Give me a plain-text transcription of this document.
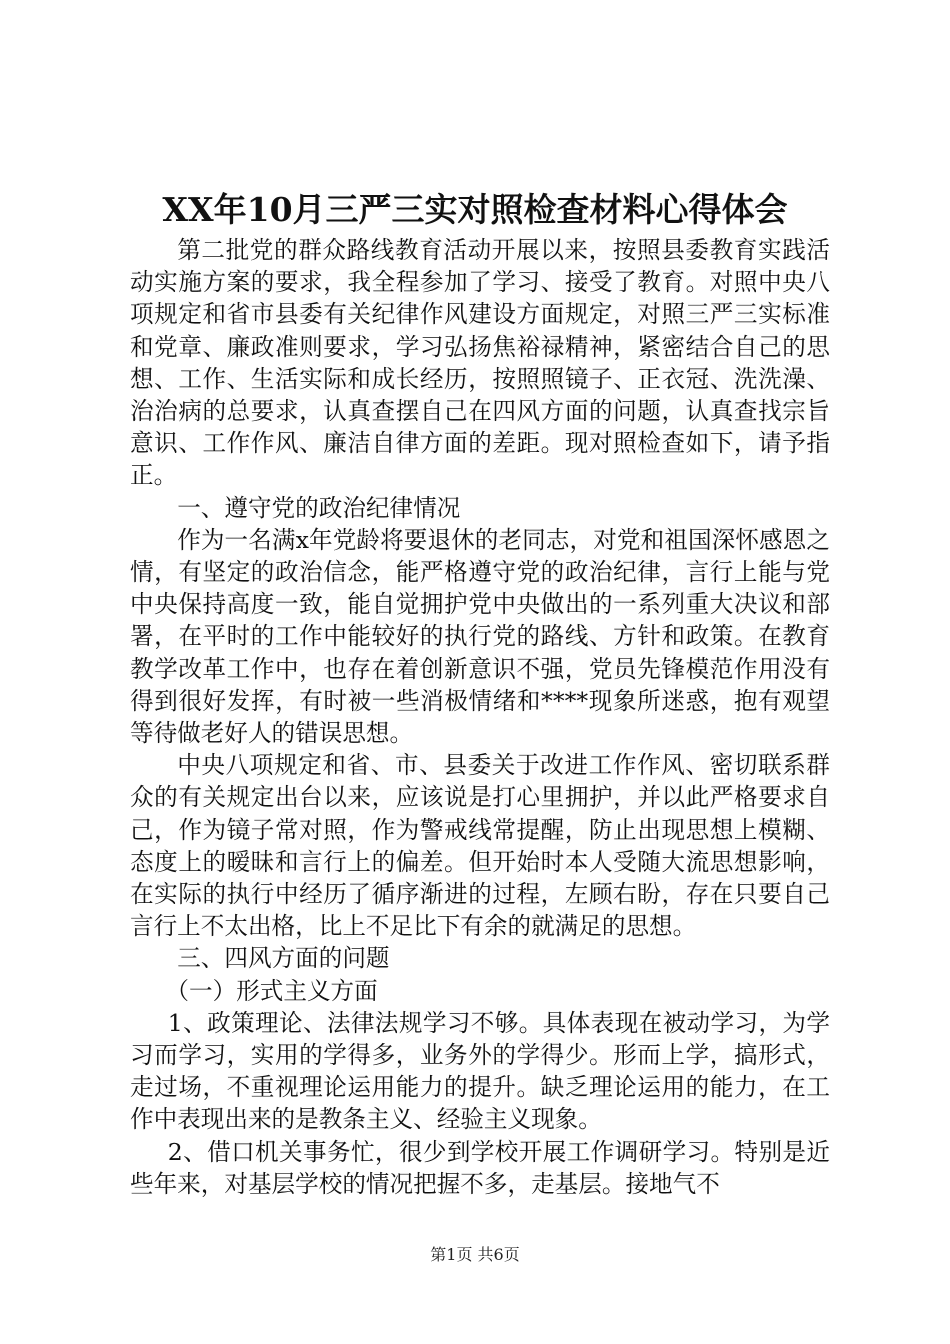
XX年10月三严三实对照检查材料心得体会

第二批党的群众路线教育活动开展以来，按照县委教育实践活动实施方案的要求，我全程参加了学习、接受了教育。对照中央八项规定和省市县委有关纪律作风建设方面规定，对照三严三实标准和党章、廉政准则要求，学习弘扬焦裕禄精神，紧密结合自己的思想、工作、生活实际和成长经历，按照照镜子、正衣冠、洗洗澡、治治病的总要求，认真查摆自己在四风方面的问题，认真查找宗旨意识、工作作风、廉洁自律方面的差距。现对照检查如下，请予指正。

一、遵守党的政治纪律情况

作为一名满x年党龄将要退休的老同志，对党和祖国深怀感恩之情，有坚定的政治信念，能严格遵守党的政治纪律，言行上能与党中央保持高度一致，能自觉拥护党中央做出的一系列重大决议和部署，在平时的工作中能较好的执行党的路线、方针和政策。在教育教学改革工作中，也存在着创新意识不强，党员先锋模范作用没有得到很好发挥，有时被一些消极情绪和****现象所迷惑，抱有观望等待做老好人的错误思想。

中央八项规定和省、市、县委关于改进工作作风、密切联系群众的有关规定出台以来，应该说是打心里拥护，并以此严格要求自己，作为镜子常对照，作为警戒线常提醒，防止出现思想上模糊、态度上的暧昧和言行上的偏差。但开始时本人受随大流思想影响，在实际的执行中经历了循序渐进的过程，左顾右盼，存在只要自己言行上不太出格，比上不足比下有余的就满足的思想。

三、四风方面的问题

（一）形式主义方面

1、政策理论、法律法规学习不够。具体表现在被动学习，为学习而学习，实用的学得多，业务外的学得少。形而上学，搞形式，走过场，不重视理论运用能力的提升。缺乏理论运用的能力，在工作中表现出来的是教条主义、经验主义现象。

2、借口机关事务忙，很少到学校开展工作调研学习。特别是近些年来，对基层学校的情况把握不多，走基层。接地气不

第1页 共6页
